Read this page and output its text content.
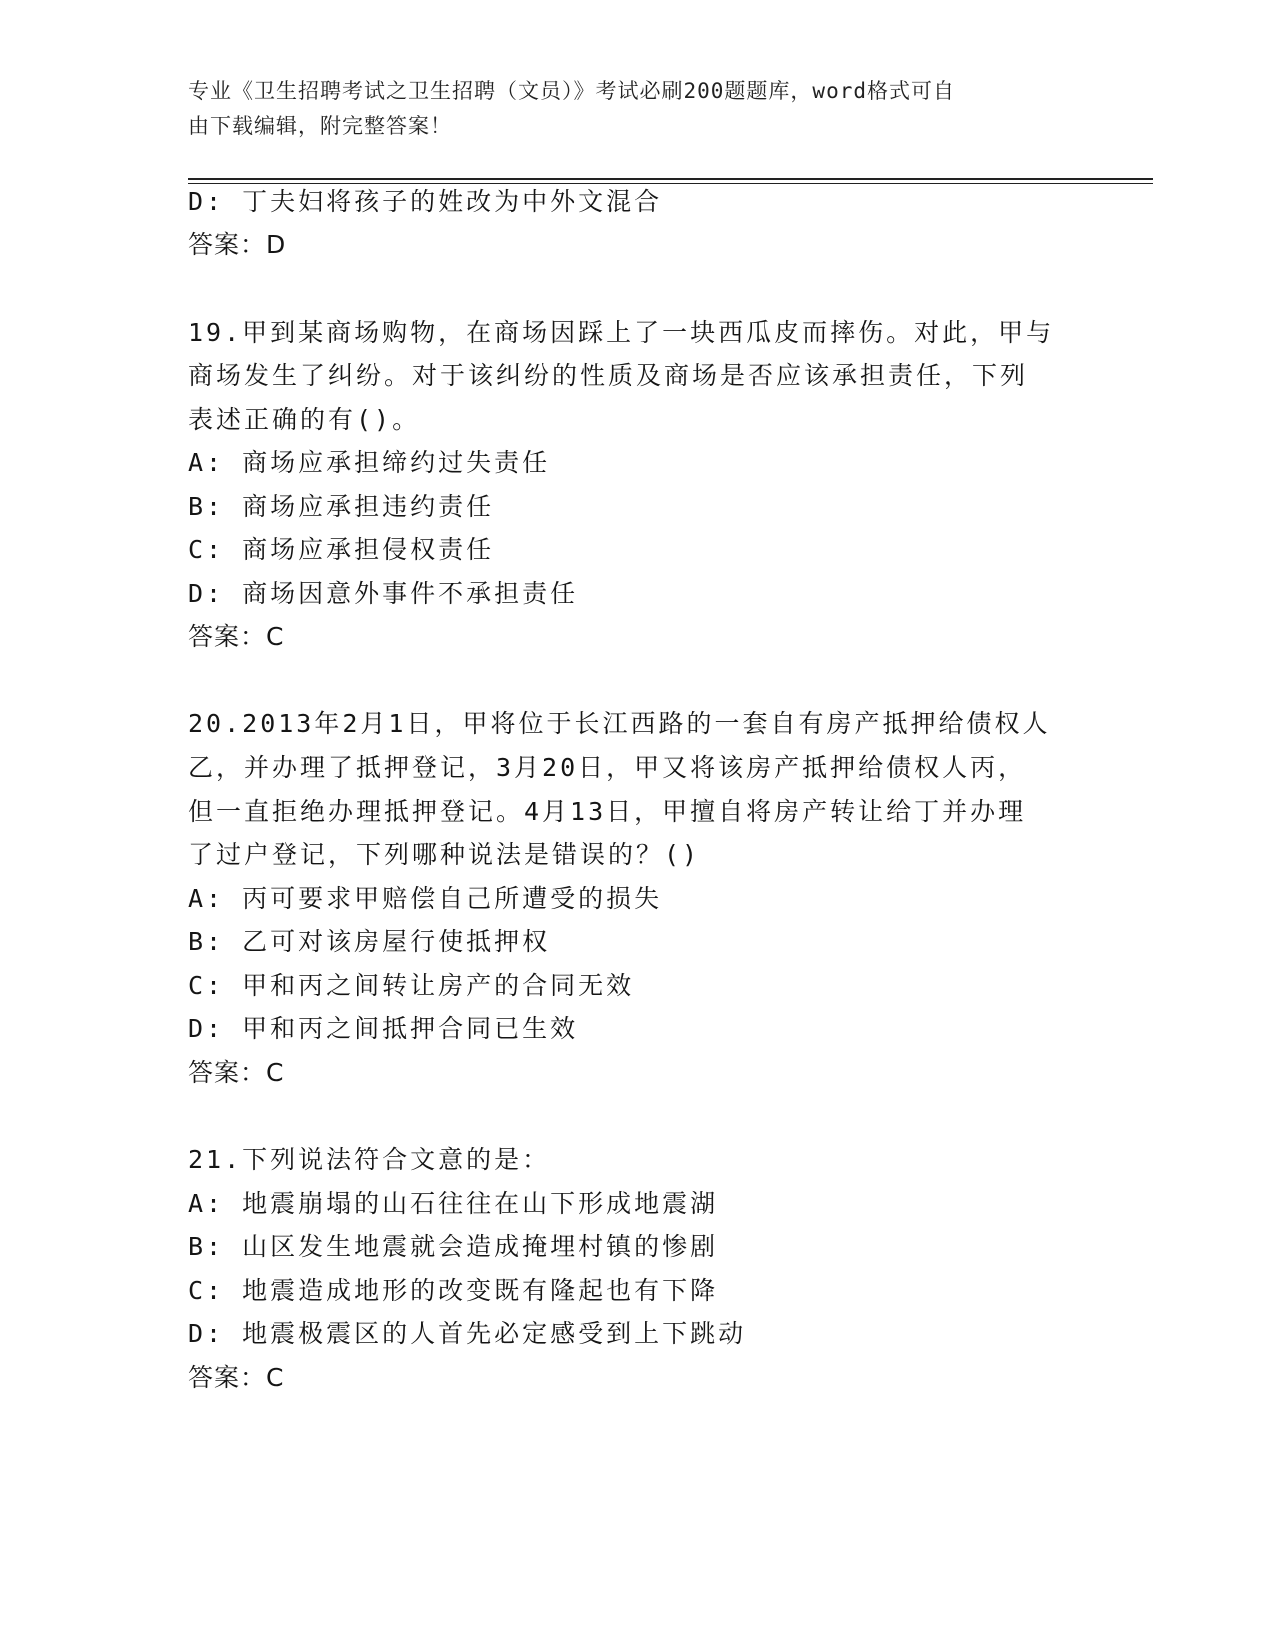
专业《卫生招聘考试之卫生招聘（文员）》考试必刷200题题库，word格式可自
由下载编辑，附完整答案！
D: 丁夫妇将孩子的姓改为中外文混合
答案：D
19.甲到某商场购物，在商场因踩上了一块西瓜皮而摔伤。对此，甲与
商场发生了纠纷。对于该纠纷的性质及商场是否应该承担责任，下列
表述正确的有()。
A: 商场应承担缔约过失责任
B: 商场应承担违约责任
C: 商场应承担侵权责任
D: 商场因意外事件不承担责任
答案：C
20.2013年2月1日，甲将位于长江西路的一套自有房产抵押给债权人
乙，并办理了抵押登记，3月20日，甲又将该房产抵押给债权人丙，
但一直拒绝办理抵押登记。4月13日，甲擅自将房产转让给丁并办理
了过户登记，下列哪种说法是错误的？()
A: 丙可要求甲赔偿自己所遭受的损失
B: 乙可对该房屋行使抵押权
C: 甲和丙之间转让房产的合同无效
D: 甲和丙之间抵押合同已生效
答案：C
21.下列说法符合文意的是：
A: 地震崩塌的山石往往在山下形成地震湖
B: 山区发生地震就会造成掩埋村镇的惨剧
C: 地震造成地形的改变既有隆起也有下降
D: 地震极震区的人首先必定感受到上下跳动
答案：C
